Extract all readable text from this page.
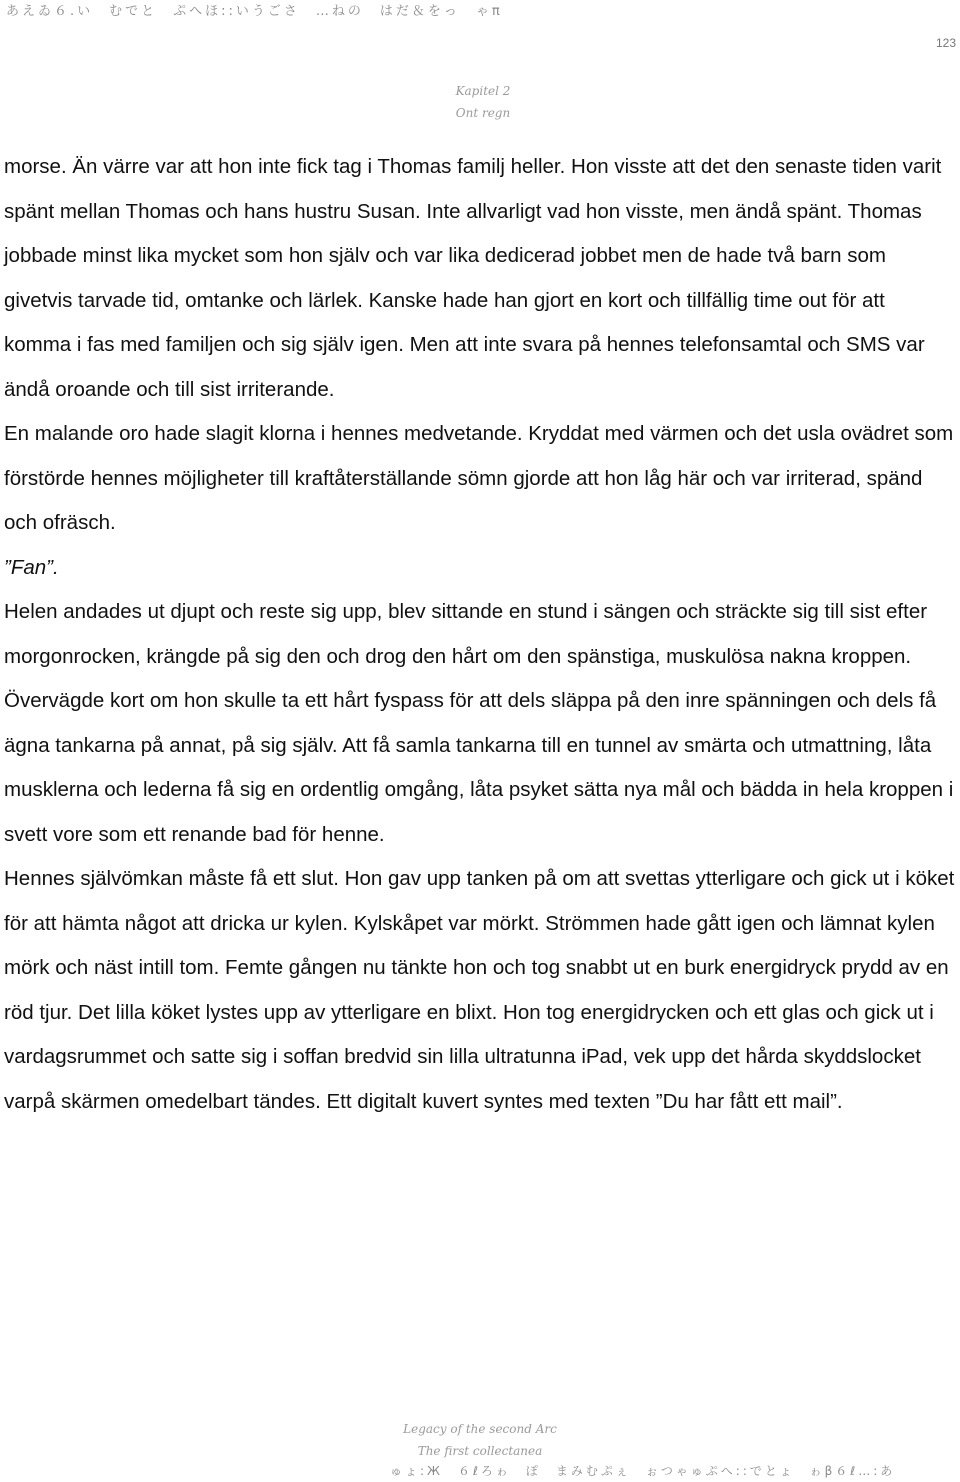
あえゐ６.い　むでと　ぷへほ::いうごさ　…ねの　はだ＆をっ　ゃπ
123
Kapitel 2
Ont regn

morse. Än värre var att hon inte fick tag i Thomas familj heller. Hon visste att det den senaste tiden varit spänt mellan Thomas och hans hustru Susan. Inte allvarligt vad hon visste, men ändå spänt. Thomas jobbade minst lika mycket som hon själv och var lika dedicerad jobbet men de hade två barn som givetvis tarvade tid, omtanke och lärlek. Kanske hade han gjort en kort och tillfällig time out för att komma i fas med familjen och sig själv igen. Men att inte svara på hennes telefonsamtal och SMS var ändå oroande och till sist irriterande.

En malande oro hade slagit klorna i hennes medvetande. Kryddat med värmen och det usla ovädret som förstörde hennes möjligheter till kraftåterställande sömn gjorde att hon låg här och var irriterad, spänd och ofräsch.

”Fan”.

Helen andades ut djupt och reste sig upp, blev sittande en stund i sängen och sträckte sig till sist efter morgonrocken, krängde på sig den och drog den hårt om den spänstiga, muskulösa nakna kroppen. Övervägde kort om hon skulle ta ett hårt fyspass för att dels släppa på den inre spänningen och dels få ägna tankarna på annat, på sig själv. Att få samla tankarna till en tunnel av smärta och utmattning, låta musklerna och lederna få sig en ordentlig omgång, låta psyket sätta nya mål och bädda in hela kroppen i svett vore som ett renande bad för henne.

Hennes självömkan måste få ett slut. Hon gav upp tanken på om att svettas ytterligare och gick ut i köket för att hämta något att dricka ur kylen. Kylskåpet var mörkt. Strömmen hade gått igen och lämnat kylen mörk och näst intill tom. Femte gången nu tänkte hon och tog snabbt ut en burk energidryck prydd av en röd tjur. Det lilla köket lystes upp av ytterligare en blixt. Hon tog energidrycken och ett glas och gick ut i vardagsrummet och satte sig i soffan bredvid sin lilla ultratunna iPad, vek upp det hårda skyddslocket varpå skärmen omedelbart tändes. Ett digitalt kuvert syntes med texten ”Du har fått ett mail”.

Legacy of the second Arc
The first collectanea
ゅょ:Ж　６ℓろゎ　ぽ　まみむぷぇ　ぉつゃゅぷへ::でとょ　ゎβ６ℓ…:あ
